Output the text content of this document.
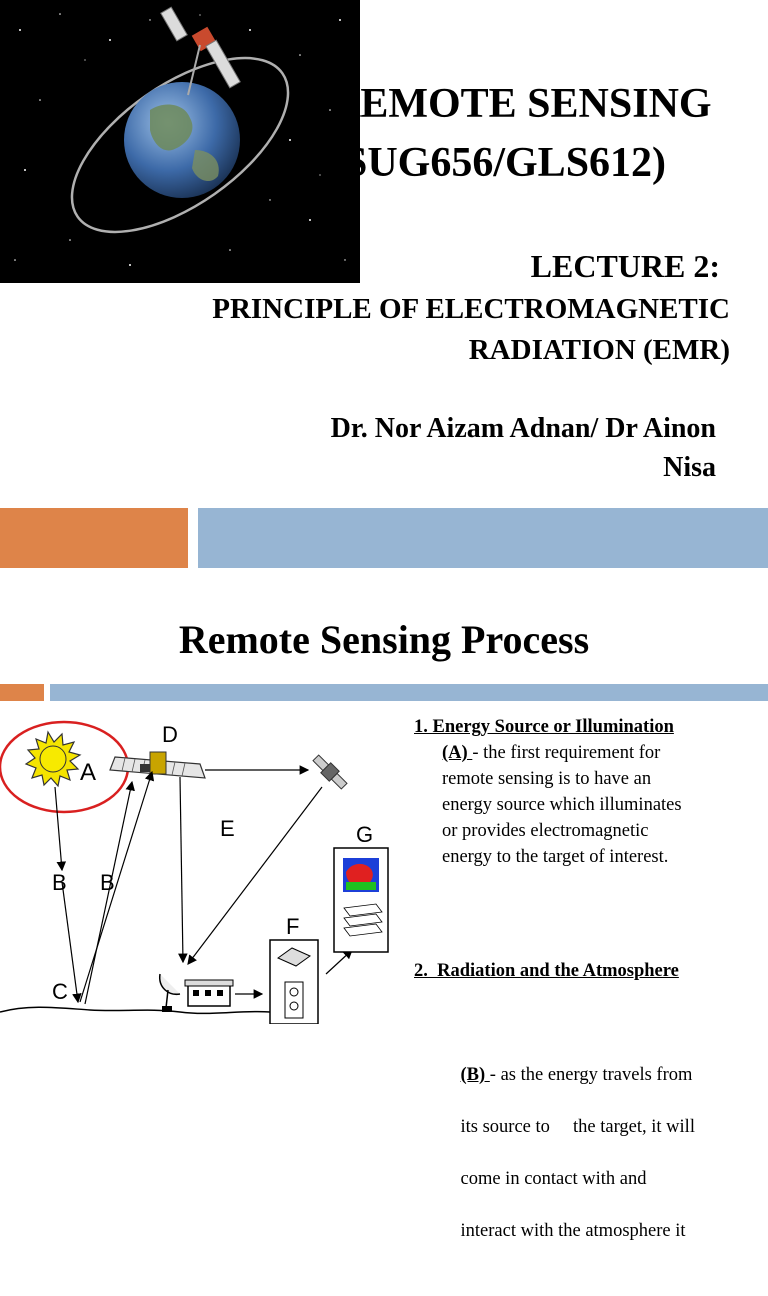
REMOTE SENSING
(SUG656/GLS612)
LECTURE 2:
PRINCIPLE OF ELECTROMAGNETIC
RADIATION (EMR)
Dr. Nor Aizam Adnan/ Dr Ainon
Nisa
Remote Sensing Process
A
D
B B
E
F
G
C
1. Energy Source or Illumination
(A) - the first requirement for
remote sensing is to have an
energy source which illuminates
or provides electromagnetic
energy to the target of interest.

2.  Radiation and the Atmosphere

(B) - as the energy travels from

its source to     the target, it will

come in contact with and

interact with the atmosphere it
